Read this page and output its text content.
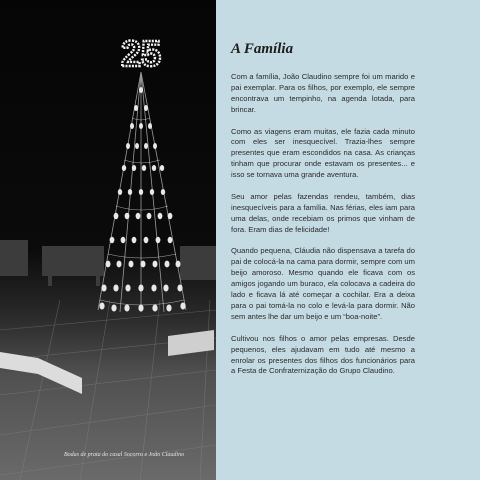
25
Bodas de prata do casal Socorro e João Claudino
A Família

Com a família, João Claudino sempre foi um marido e pai exemplar. Para os filhos, por exemplo, ele sempre encontrava um tempinho, na agenda lotada, para brincar.

Como as viagens eram muitas, ele fazia cada minuto com eles ser inesquecível. Trazia-lhes sempre presentes que eram escondidos na casa. As crianças tinham que procurar onde estavam os presentes... e isso se tornava uma grande aventura.

Seu amor pelas fazendas rendeu, também, dias inesquecíveis para a família. Nas férias, eles iam para uma delas, onde recebiam os primos que vinham de fora. Eram dias de felicidade!

Quando pequena, Cláudia não dispensava a tarefa do pai de colocá-la na cama para dormir, sempre com um beijo amoroso. Mesmo quando ele ficava com os amigos jogando um buraco, ela colocava a cadeira do lado e ficava lá até começar a cochilar. Era a deixa para o pai tomá-la no colo e levá-la para dormir. Não sem antes lhe dar um beijo e um “boa-noite”.

Cultivou nos filhos o amor pelas empresas. Desde pequenos, eles ajudavam em tudo até mesmo a enrolar os presentes dos filhos dos funcionários para a Festa de Confraternização do Grupo Claudino.
